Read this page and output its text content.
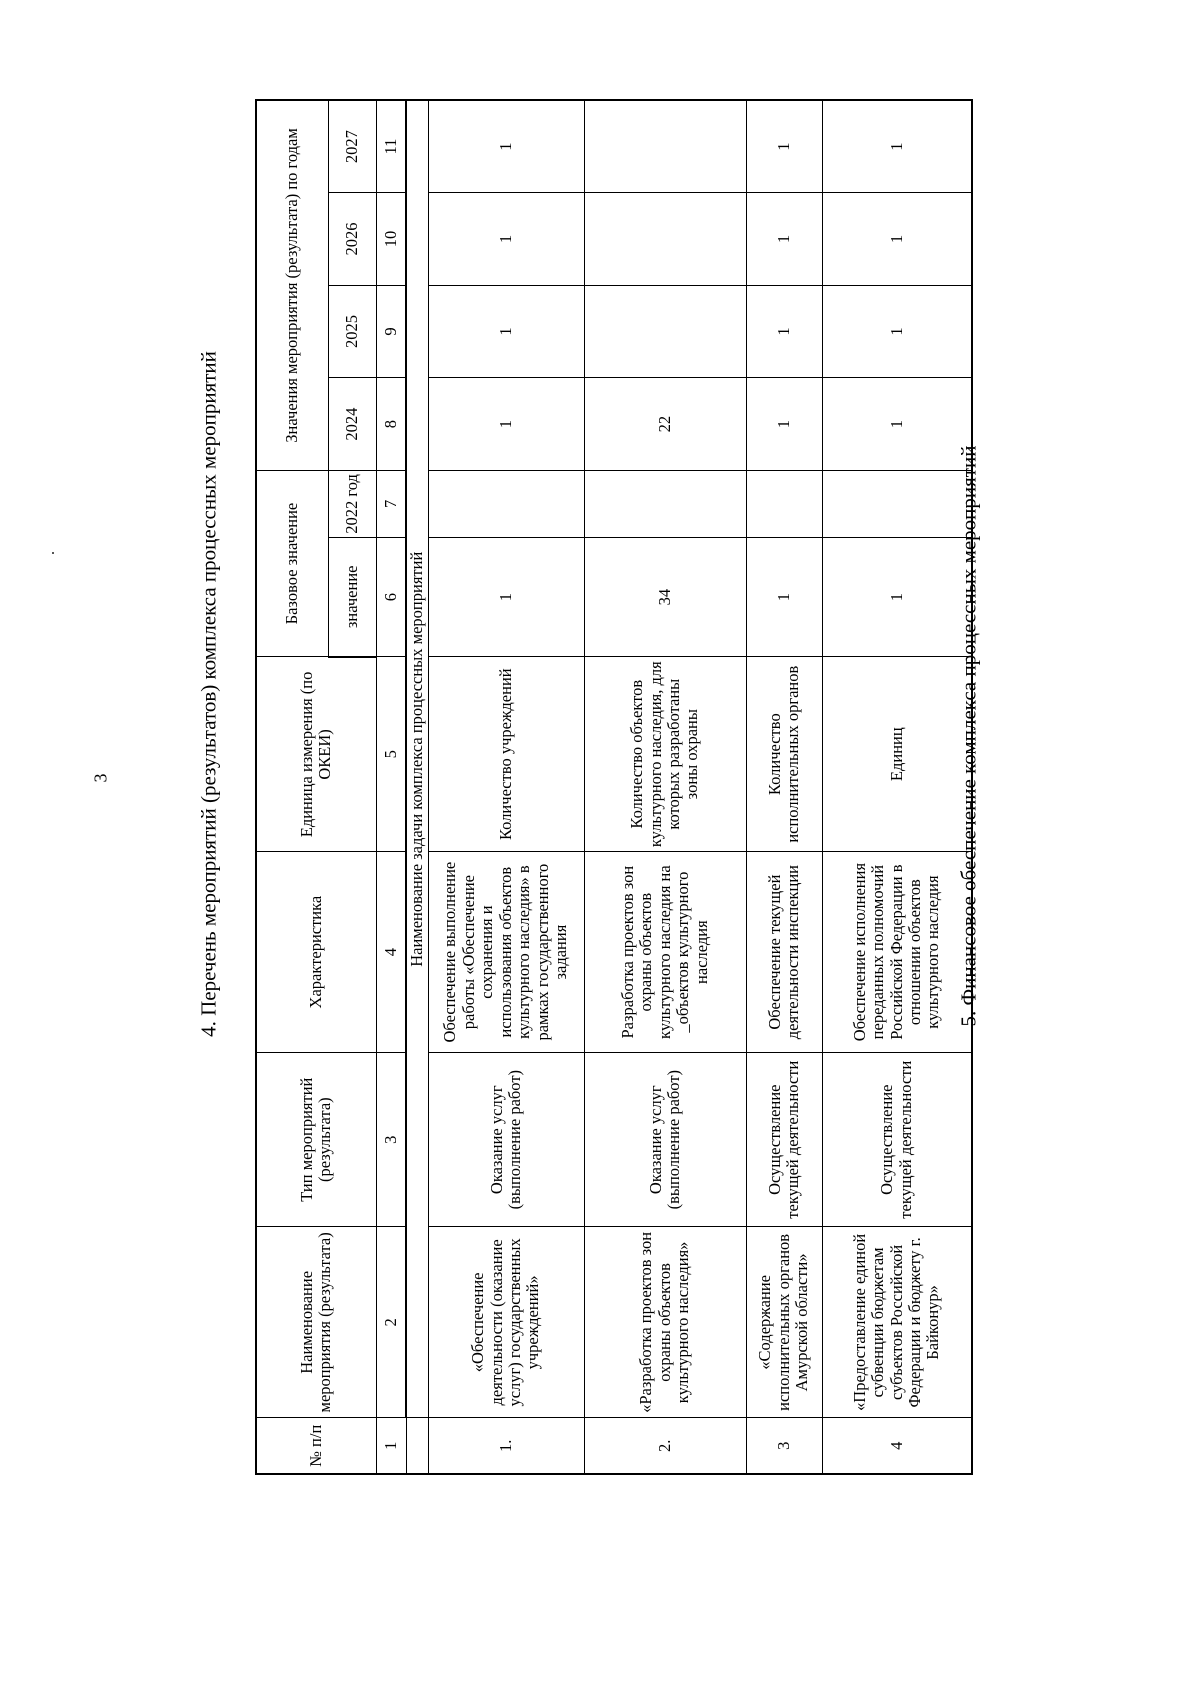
3	4. Перечень мероприятий (результатов) комплекса процессных мероприятий	5. Финансовое обеспечение комплекса процессных мероприятий
№ п/п	Наименование мероприятия (результата)	Тип мероприятий (результата)	Характеристика	Единица измерения (по ОКЕИ)	Базовое значение		Значения мероприятия (результата) по годам			
					значение	2022 год	2024	2025	2026	2027
1	2	3	4	5	6	7	8	9	10	11
	Наименование задачи комплекса процессных мероприятий									
1.	«Обеспечение деятельности (оказание услуг) государственных учреждений»	Оказание услуг (выполнение работ)	Обеспечение выполнение работы «Обеспечение сохранения и использования объектов культурного наследия» в рамках государственного задания	Количество учреждений	1		1	1	1	1
2.	«Разработка проектов зон охраны объектов культурного наследия»	Оказание услуг (выполнение работ)	Разработка проектов зон охраны объектов культурного наследия на _объектов культурного наследия	Количество объектов культурного наследия, для которых разработаны зоны охраны	34		22			
3	«Содержание исполнительных органов Амурской области»	Осуществление текущей деятельности	Обеспечение текущей деятельности инспекции	Количество исполнительных органов	1		1	1	1	1
4	«Предоставление единой субвенции бюджетам субъектов Российской Федерации и бюджету г. Байконур»	Осуществление текущей деятельности	Обеспечение исполнения переданных полномочий Российской Федерации в отношении объектов культурного наследия	Единиц	1		1	1	1	1
